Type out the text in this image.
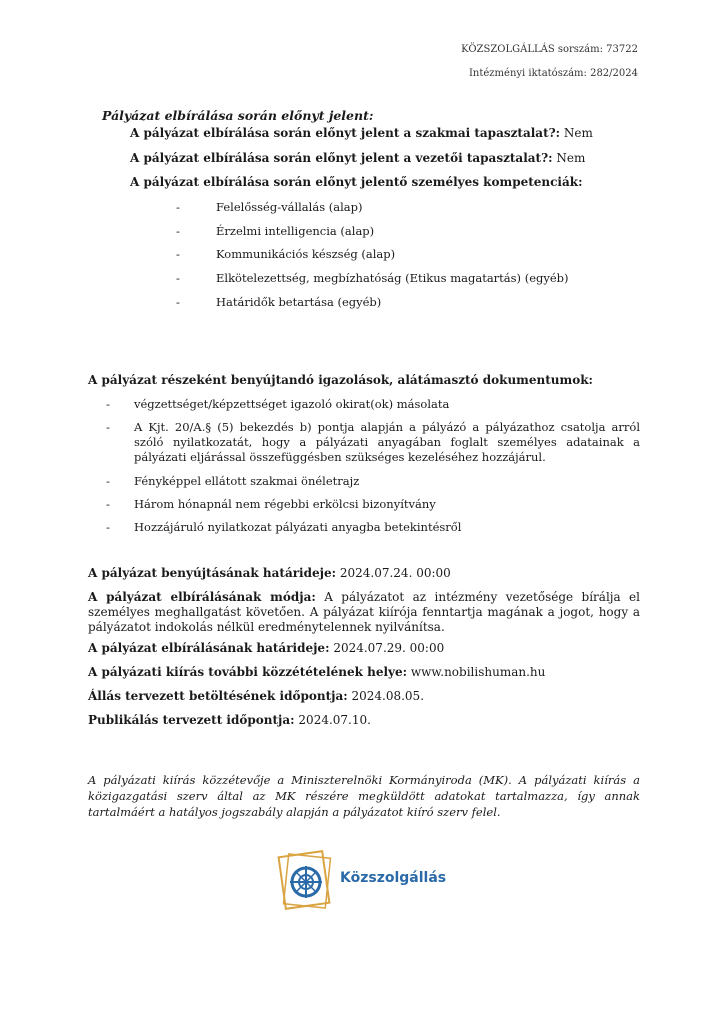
KÖZSZOLGÁLLÁS sorszám: 73722
Intézményi iktatószám: 282/2024
Pályázat elbírálása során előnyt jelent:
A pályázat elbírálása során előnyt jelent a szakmai tapasztalat?: Nem
A pályázat elbírálása során előnyt jelent a vezetői tapasztalat?: Nem
A pályázat elbírálása során előnyt jelentő személyes kompetenciák:
-	Felelősség-vállalás (alap)
-	Érzelmi intelligencia (alap)
-	Kommunikációs készség (alap)
-	Elkötelezettség, megbízhatóság (Etikus magatartás) (egyéb)
-	Határidők betartása (egyéb)
A pályázat részeként benyújtandó igazolások, alátámasztó dokumentumok:
- végzettséget/képzettséget igazoló okirat(ok) másolata
- A Kjt. 20/A.§ (5) bekezdés b) pontja alapján a pályázó a pályázathoz csatolja arról szóló nyilatkozatát, hogy a pályázati anyagában foglalt személyes adatainak a pályázati eljárással összefüggésben szükséges kezeléséhez hozzájárul.
- Fényképpel ellátott szakmai önéletrajz
- Három hónapnál nem régebbi erkölcsi bizonyítvány
- Hozzájáruló nyilatkozat pályázati anyagba betekintésről
A pályázat benyújtásának határideje: 2024.07.24. 00:00
A pályázat elbírálásának módja: A pályázatot az intézmény vezetősége bírálja el személyes meghallgatást követően. A pályázat kiírója fenntartja magának a jogot, hogy a pályázatot indokolás nélkül eredménytelennek nyilvánítsa.
A pályázat elbírálásának határideje: 2024.07.29. 00:00
A pályázati kiírás további közzétételének helye: www.nobilishuman.hu
Állás tervezett betöltésének időpontja: 2024.08.05.
Publikálás tervezett időpontja: 2024.07.10.
A pályázati kiírás közzétevője a Miniszterelnöki Kormányiroda (MK). A pályázati kiírás a közigazgatási szerv által az MK részére megküldött adatokat tartalmazza, így annak tartalmáért a hatályos jogszabály alapján a pályázatot kiíró szerv felel.
Közszolgállás
